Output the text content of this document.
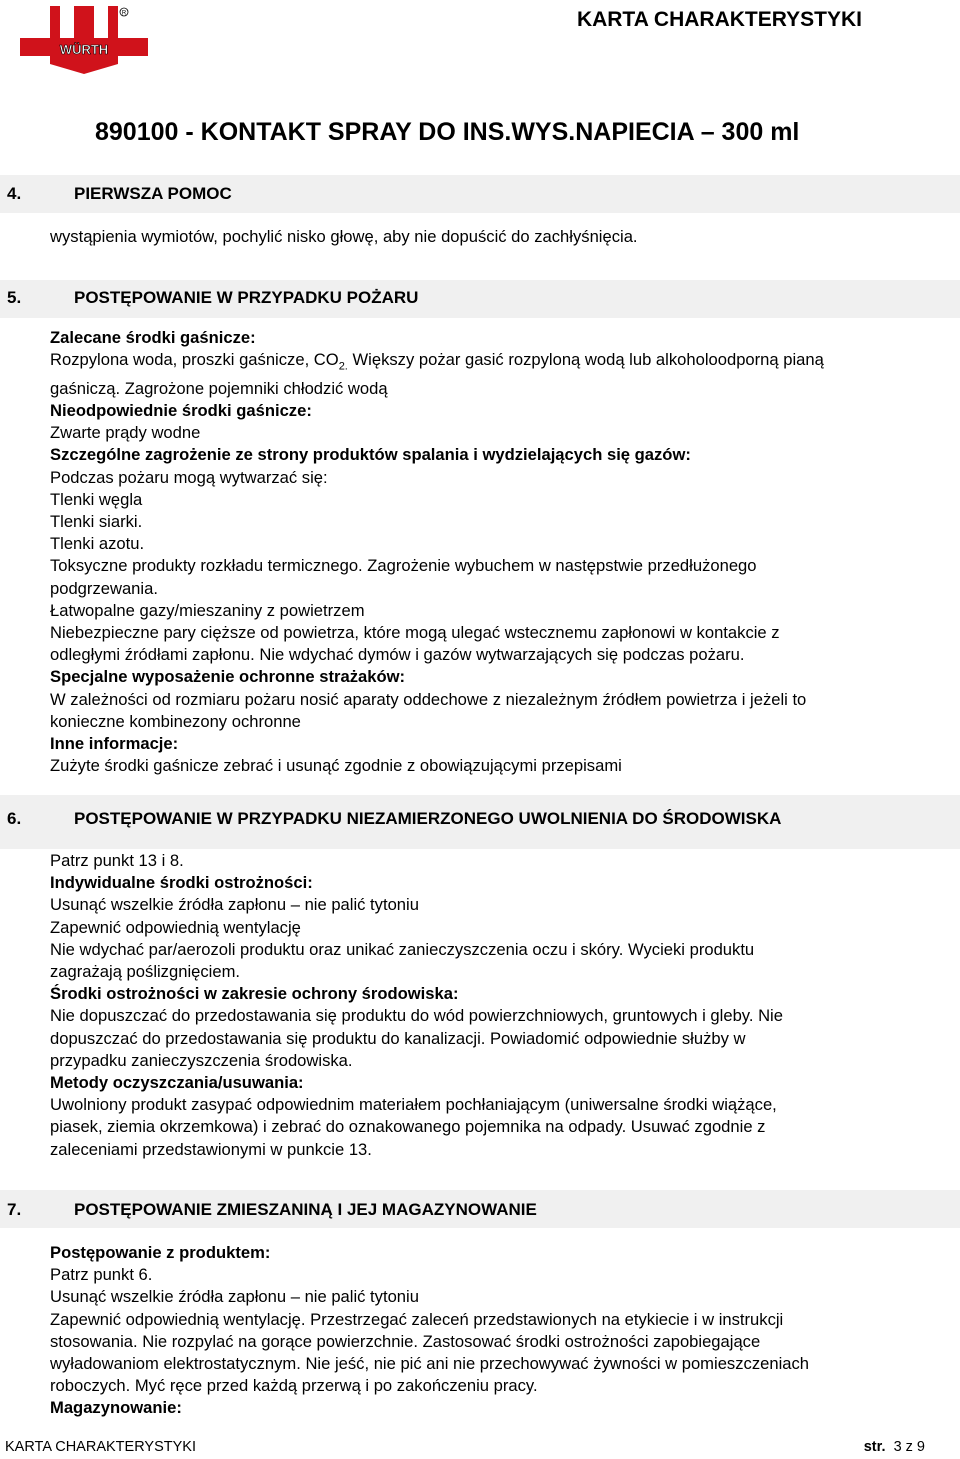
WÜRTH
R	KARTA CHARAKTERYSTYKI
890100 - KONTAKT SPRAY DO INS.WYS.NAPIECIA – 300 ml
4.	PIERWSZA POMOC
wystąpienia wymiotów, pochylić nisko głowę, aby nie dopuścić do zachłyśnięcia.
5.	POSTĘPOWANIE W PRZYPADKU POŻARU
Zalecane środki gaśnicze:
Rozpylona woda, proszki gaśnicze, $CO_{2.}$ Większy pożar gasić rozpyloną wodą lub alkoholoodporną pianą
gaśniczą. Zagrożone pojemniki chłodzić wodą
Nieodpowiednie środki gaśnicze:
Zwarte prądy wodne
Szczególne zagrożenie ze strony produktów spalania i wydzielających się gazów:
Podczas pożaru mogą wytwarzać się:
Tlenki węgla
Tlenki siarki.
Tlenki azotu.
Toksyczne produkty rozkładu termicznego. Zagrożenie wybuchem w następstwie przedłużonego
podgrzewania.
Łatwopalne gazy/mieszaniny z powietrzem
Niebezpieczne pary cięższe od powietrza, które mogą ulegać wstecznemu zapłonowi w kontakcie z
odległymi źródłami zapłonu. Nie wdychać dymów i gazów wytwarzających się podczas pożaru.
Specjalne wyposażenie ochronne strażaków:
W zależności od rozmiaru pożaru nosić aparaty oddechowe z niezależnym źródłem powietrza i jeżeli to
konieczne kombinezony ochronne
Inne informacje:
Zużyte środki gaśnicze zebrać i usunąć zgodnie z obowiązującymi przepisami
6.	POSTĘPOWANIE W PRZYPADKU NIEZAMIERZONEGO UWOLNIENIA DO ŚRODOWISKA
Patrz punkt 13 i 8.
Indywidualne środki ostrożności:
Usunąć wszelkie źródła zapłonu – nie palić tytoniu
Zapewnić odpowiednią wentylację
Nie wdychać par/aerozoli produktu oraz unikać zanieczyszczenia oczu i skóry. Wycieki produktu
zagrażają poślizgnięciem.
Środki ostrożności w zakresie ochrony środowiska:
Nie dopuszczać do przedostawania się produktu do wód powierzchniowych, gruntowych i gleby. Nie
dopuszczać do przedostawania się produktu do kanalizacji. Powiadomić odpowiednie służby w
przypadku zanieczyszczenia środowiska.
Metody oczyszczania/usuwania:
Uwolniony produkt zasypać odpowiednim materiałem pochłaniającym (uniwersalne środki wiążące,
piasek, ziemia okrzemkowa) i zebrać do oznakowanego pojemnika na odpady. Usuwać zgodnie z
zaleceniami przedstawionymi w punkcie 13.
7.	POSTĘPOWANIE ZMIESZANINĄ I JEJ MAGAZYNOWANIE
Postępowanie z produktem:
Patrz punkt 6.
Usunąć wszelkie źródła zapłonu – nie palić tytoniu
Zapewnić odpowiednią wentylację. Przestrzegać zaleceń przedstawionych na etykiecie i w instrukcji
stosowania. Nie rozpylać na gorące powierzchnie. Zastosować środki ostrożności zapobiegające
wyładowaniom elektrostatycznym. Nie jeść, nie pić ani nie przechowywać żywności w pomieszczeniach
roboczych. Myć ręce przed każdą przerwą i po zakończeniu pracy.
Magazynowanie:
KARTA CHARAKTERYSTYKI	str. 3 z 9
